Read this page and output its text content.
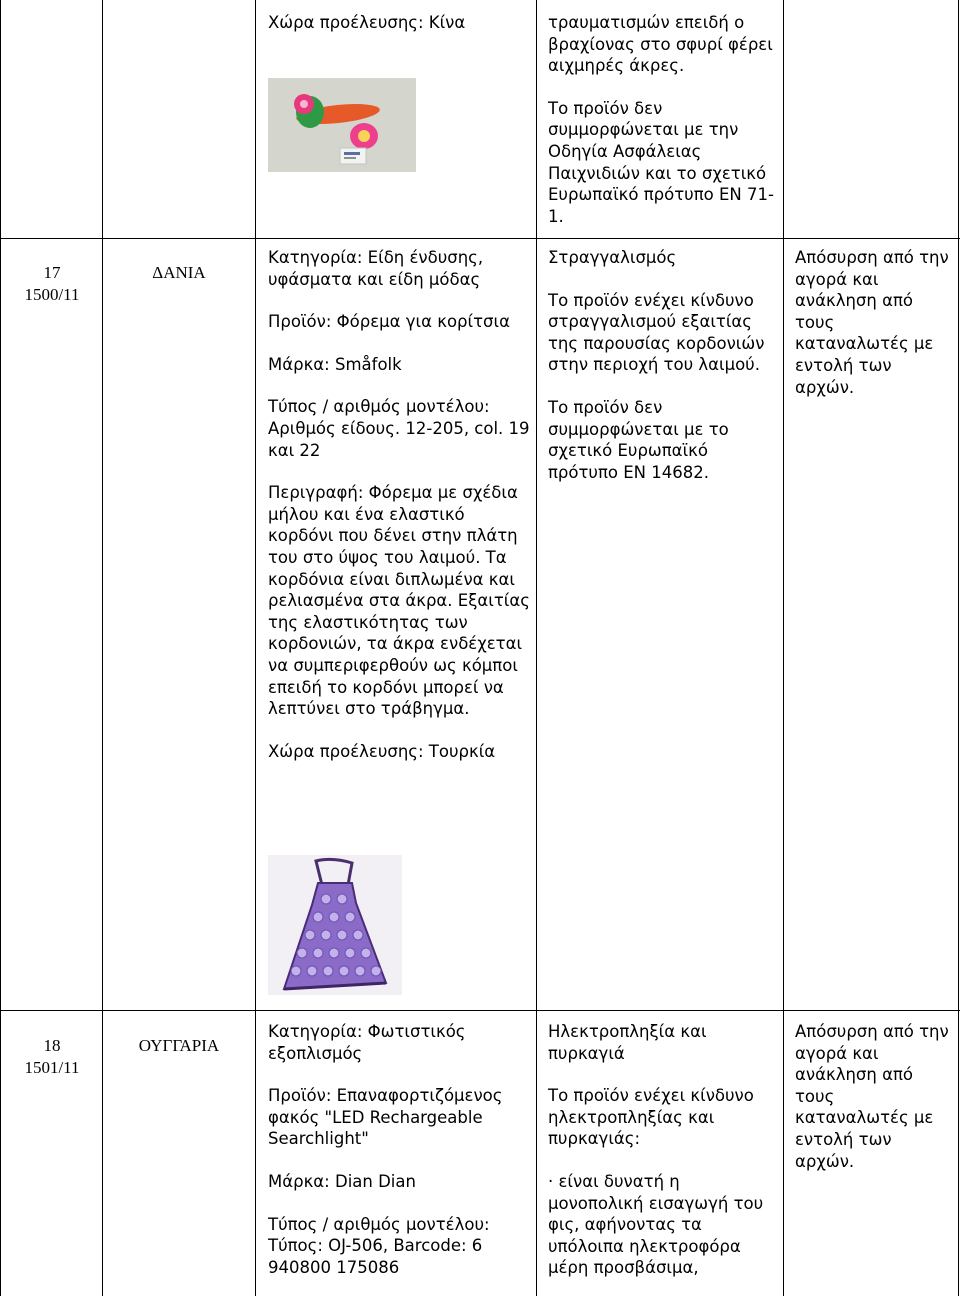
Χώρα προέλευσης: Κίνα	τραυματισμών επειδή ο βραχίονας στο σφυρί φέρει αιχμηρές άκρες.

Το προϊόν δεν συμμορφώνεται με την Οδηγία Ασφάλειας Παιχνιδιών και το σχετικό Ευρωπαϊκό πρότυπο EN 71-1.

17
1500/11
ΔΑΝΙΑ

Κατηγορία: Είδη ένδυσης, υφάσματα και είδη μόδας

Προϊόν: Φόρεμα για κορίτσια

Μάρκα: Småfolk

Τύπος / αριθμός μοντέλου: Αριθμός είδους. 12-205, col. 19 και 22

Περιγραφή: Φόρεμα με σχέδια μήλου και ένα ελαστικό κορδόνι που δένει στην πλάτη του στο ύψος του λαιμού. Τα κορδόνια είναι διπλωμένα και ρελιασμένα στα άκρα. Εξαιτίας της ελαστικότητας των κορδονιών, τα άκρα ενδέχεται να συμπεριφερθούν ως κόμποι επειδή το κορδόνι μπορεί να λεπτύνει στο τράβηγμα.

Χώρα προέλευσης: Τουρκία

Στραγγαλισμός

Το προϊόν ενέχει κίνδυνο στραγγαλισμού εξαιτίας της παρουσίας κορδονιών στην περιοχή του λαιμού.

Το προϊόν δεν συμμορφώνεται με το σχετικό Ευρωπαϊκό πρότυπο EN 14682.

Απόσυρση από την αγορά και ανάκληση από τους καταναλωτές με εντολή των αρχών.

18
1501/11
ΟΥΓΓΑΡΙΑ

Κατηγορία: Φωτιστικός εξοπλισμός

Προϊόν: Επαναφορτιζόμενος φακός "LED Rechargeable Searchlight"

Μάρκα: Dian Dian

Τύπος / αριθμός μοντέλου: Τύπος: OJ-506, Barcode: 6 940800 175086

Ηλεκτροπληξία και πυρκαγιά

Το προϊόν ενέχει κίνδυνο ηλεκτροπληξίας και πυρκαγιάς:

· είναι δυνατή η μονοπολική εισαγωγή του φις, αφήνοντας τα υπόλοιπα ηλεκτροφόρα μέρη προσβάσιμα,

Απόσυρση από την αγορά και ανάκληση από τους καταναλωτές με εντολή των αρχών.
